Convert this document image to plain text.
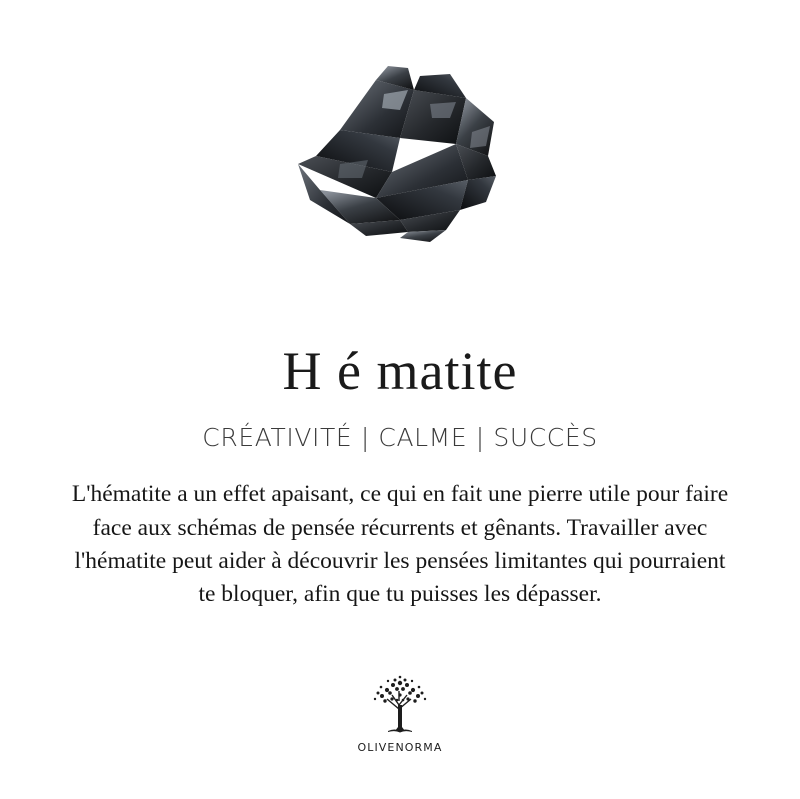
H é matite
CRÉATIVITÉ | CALME | SUCCÈS

L'hématite a un effet apaisant, ce qui en fait une pierre utile pour faire face aux schémas de pensée récurrents et gênants. Travailler avec l'hématite peut aider à découvrir les pensées limitantes qui pourraient te bloquer, afin que tu puisses les dépasser.

OLIVENORMA
